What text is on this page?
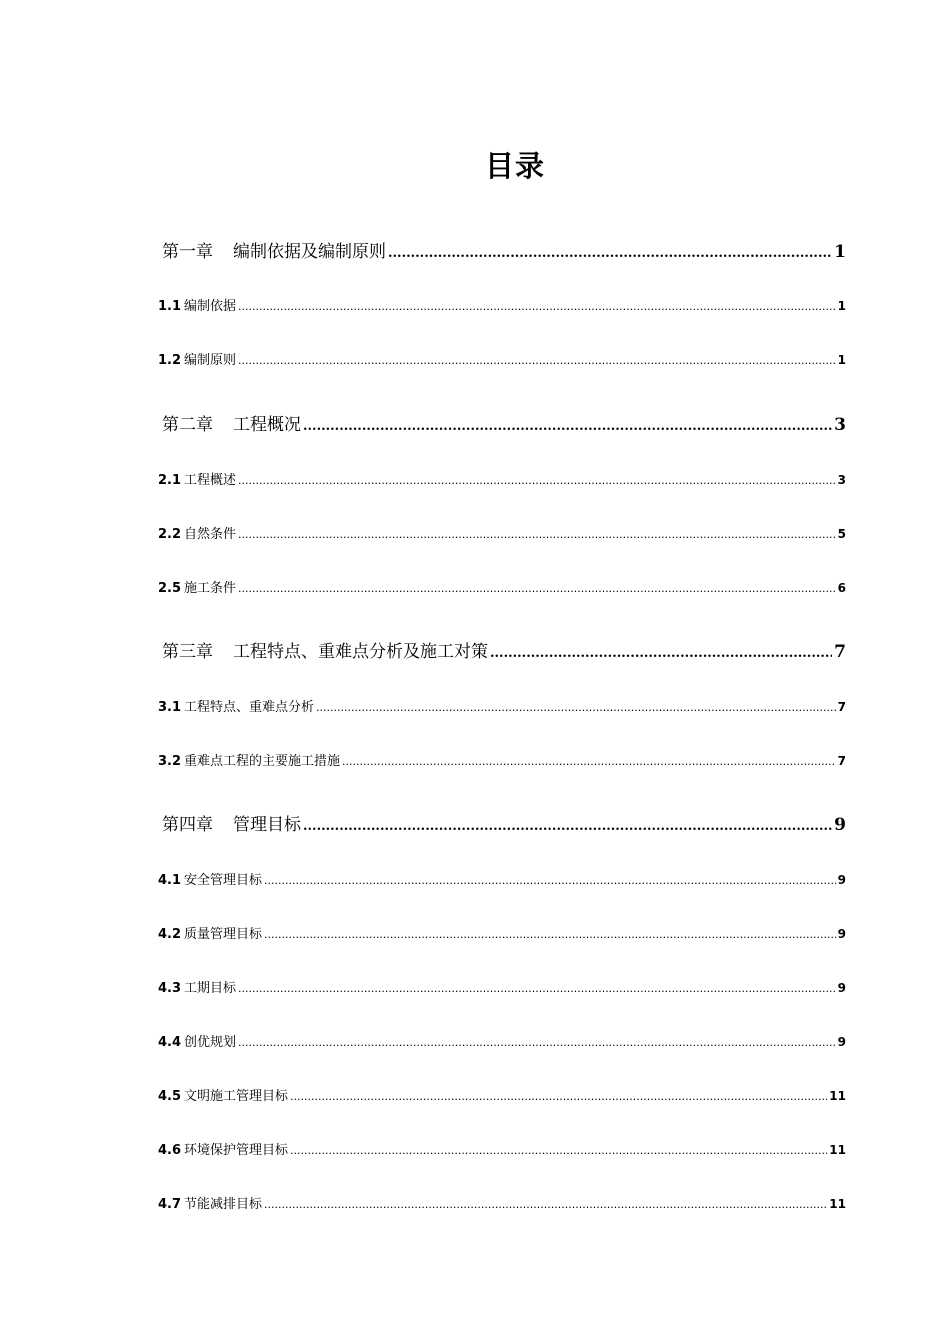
目录
第一章 编制依据及编制原则 .....	1
1.1 编制依据 .....	1
1.2 编制原则 .....	1
第二章 工程概况 .....	3
2.1 工程概述 .....	3
2.2 自然条件 .....	5
2.5 施工条件 .....	6
第三章 工程特点、重难点分析及施工对策 .....	7
3.1 工程特点、重难点分析 .....	7
3.2 重难点工程的主要施工措施 .....	7
第四章 管理目标 .....	9
4.1 安全管理目标 .....	9
4.2 质量管理目标 .....	9
4.3 工期目标 .....	9
4.4 创优规划 .....	9
4.5 文明施工管理目标 .....	11
4.6 环境保护管理目标 .....	11
4.7 节能减排目标 .....	11
